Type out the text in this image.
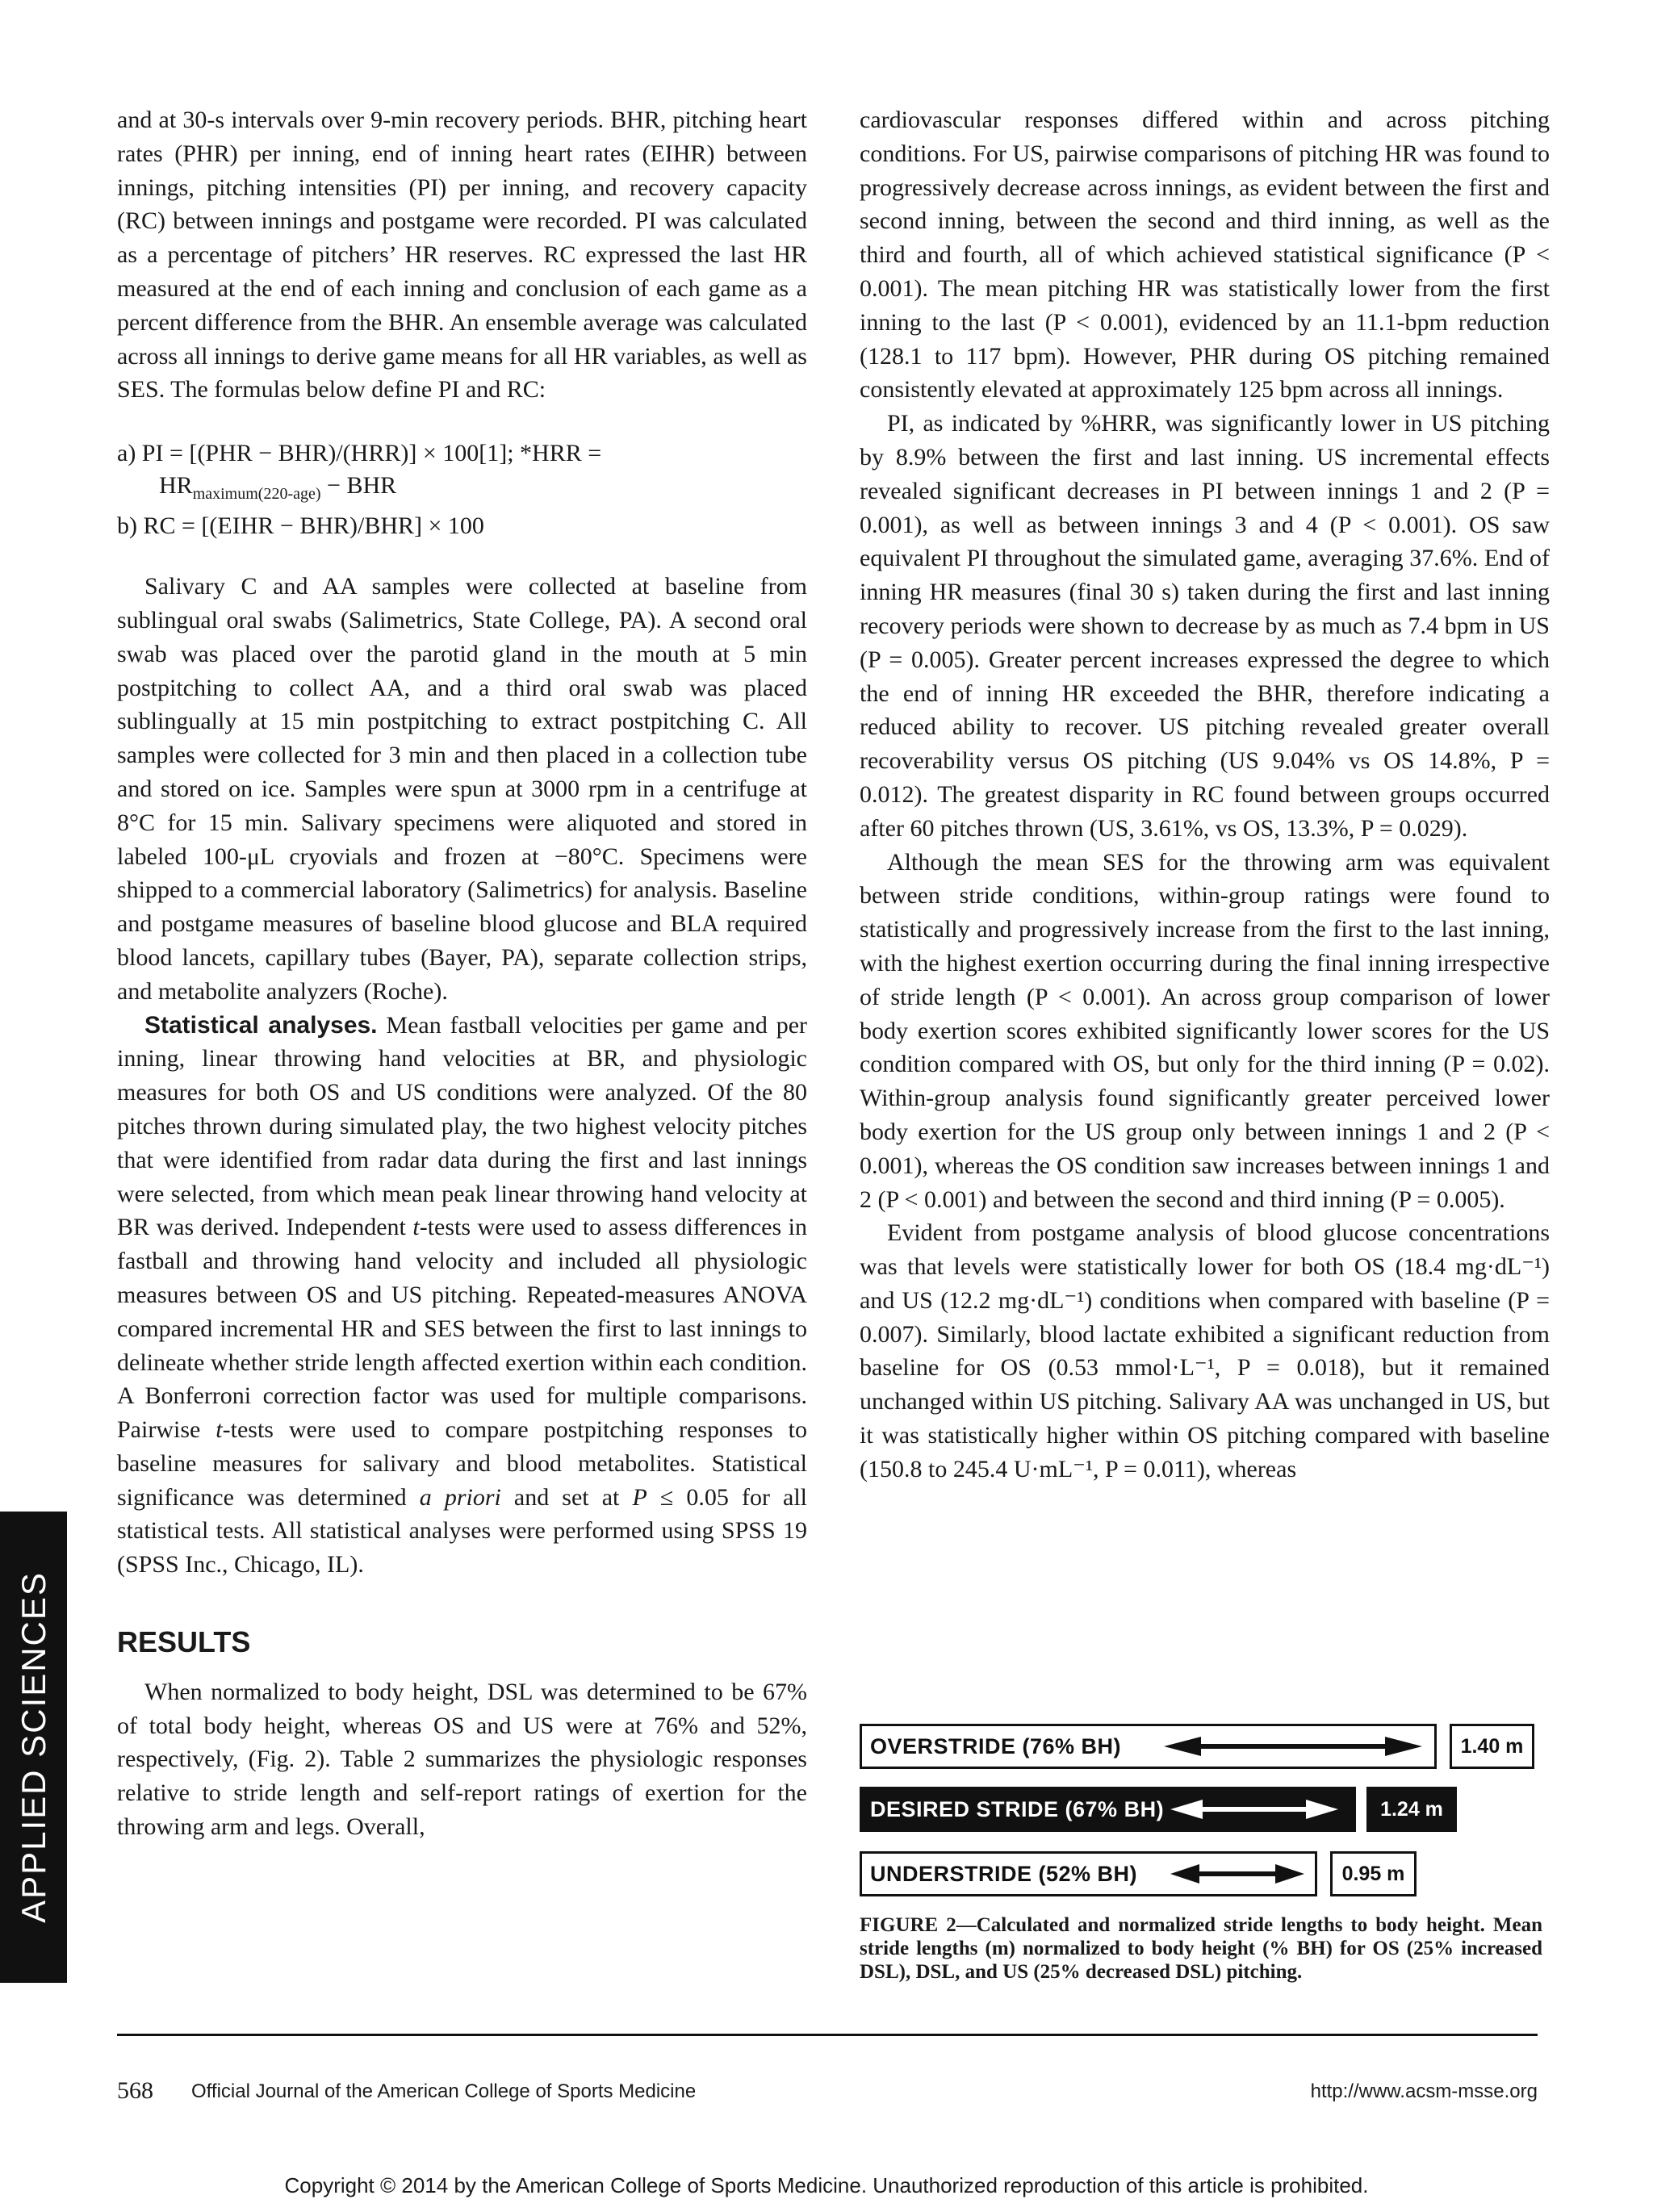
and at 30-s intervals over 9-min recovery periods. BHR, pitching heart rates (PHR) per inning, end of inning heart rates (EIHR) between innings, pitching intensities (PI) per inning, and recovery capacity (RC) between innings and postgame were recorded. PI was calculated as a percentage of pitchers’ HR reserves. RC expressed the last HR measured at the end of each inning and conclusion of each game as a percent difference from the BHR. An ensemble average was calculated across all innings to derive game means for all HR variables, as well as SES. The formulas below define PI and RC:

a) PI = [(PHR − BHR)/(HRR)] × 100[1]; *HRR =
$HR_{maximum(220-age)}$ − BHR
b) RC = [(EIHR − BHR)/BHR] × 100

Salivary C and AA samples were collected at baseline from sublingual oral swabs (Salimetrics, State College, PA). A second oral swab was placed over the parotid gland in the mouth at 5 min postpitching to collect AA, and a third oral swab was placed sublingually at 15 min postpitching to extract postpitching C. All samples were collected for 3 min and then placed in a collection tube and stored on ice. Samples were spun at 3000 rpm in a centrifuge at 8°C for 15 min. Salivary specimens were aliquoted and stored in labeled 100-μL cryovials and frozen at −80°C. Specimens were shipped to a commercial laboratory (Salimetrics) for analysis. Baseline and postgame measures of baseline blood glucose and BLA required blood lancets, capillary tubes (Bayer, PA), separate collection strips, and metabolite analyzers (Roche).

Statistical analyses. Mean fastball velocities per game and per inning, linear throwing hand velocities at BR, and physiologic measures for both OS and US conditions were analyzed. Of the 80 pitches thrown during simulated play, the two highest velocity pitches that were identified from radar data during the first and last innings were selected, from which mean peak linear throwing hand velocity at BR was derived. Independent t-tests were used to assess differences in fastball and throwing hand velocity and included all physiologic measures between OS and US pitching. Repeated-measures ANOVA compared incremental HR and SES between the first to last innings to delineate whether stride length affected exertion within each condition. A Bonferroni correction factor was used for multiple comparisons. Pairwise t-tests were used to compare postpitching responses to baseline measures for salivary and blood metabolites. Statistical significance was determined a priori and set at P ≤ 0.05 for all statistical tests. All statistical analyses were performed using SPSS 19 (SPSS Inc., Chicago, IL).

RESULTS

When normalized to body height, DSL was determined to be 67% of total body height, whereas OS and US were at 76% and 52%, respectively, (Fig. 2). Table 2 summarizes the physiologic responses relative to stride length and self-report ratings of exertion for the throwing arm and legs. Overall,

cardiovascular responses differed within and across pitching conditions. For US, pairwise comparisons of pitching HR was found to progressively decrease across innings, as evident between the first and second inning, between the second and third inning, as well as the third and fourth, all of which achieved statistical significance (P < 0.001). The mean pitching HR was statistically lower from the first inning to the last (P < 0.001), evidenced by an 11.1-bpm reduction (128.1 to 117 bpm). However, PHR during OS pitching remained consistently elevated at approximately 125 bpm across all innings.

PI, as indicated by %HRR, was significantly lower in US pitching by 8.9% between the first and last inning. US incremental effects revealed significant decreases in PI between innings 1 and 2 (P = 0.001), as well as between innings 3 and 4 (P < 0.001). OS saw equivalent PI throughout the simulated game, averaging 37.6%. End of inning HR measures (final 30 s) taken during the first and last inning recovery periods were shown to decrease by as much as 7.4 bpm in US (P = 0.005). Greater percent increases expressed the degree to which the end of inning HR exceeded the BHR, therefore indicating a reduced ability to recover. US pitching revealed greater overall recoverability versus OS pitching (US 9.04% vs OS 14.8%, P = 0.012). The greatest disparity in RC found between groups occurred after 60 pitches thrown (US, 3.61%, vs OS, 13.3%, P = 0.029).

Although the mean SES for the throwing arm was equivalent between stride conditions, within-group ratings were found to statistically and progressively increase from the first to the last inning, with the highest exertion occurring during the final inning irrespective of stride length (P < 0.001). An across group comparison of lower body exertion scores exhibited significantly lower scores for the US condition compared with OS, but only for the third inning (P = 0.02). Within-group analysis found significantly greater perceived lower body exertion for the US group only between innings 1 and 2 (P < 0.001), whereas the OS condition saw increases between innings 1 and 2 (P < 0.001) and between the second and third inning (P = 0.005).

Evident from postgame analysis of blood glucose concentrations was that levels were statistically lower for both OS (18.4 mg·dL⁻¹) and US (12.2 mg·dL⁻¹) conditions when compared with baseline (P = 0.007). Similarly, blood lactate exhibited a significant reduction from baseline for OS (0.53 mmol·L⁻¹, P = 0.018), but it remained unchanged within US pitching. Salivary AA was unchanged in US, but it was statistically higher within OS pitching compared with baseline (150.8 to 245.4 U·mL⁻¹, P = 0.011), whereas

OVERSTRIDE (76% BH)	1.40 m
DESIRED STRIDE (67% BH)	1.24 m
UNDERSTRIDE (52% BH)	0.95 m
FIGURE 2—Calculated and normalized stride lengths to body height. Mean stride lengths (m) normalized to body height (% BH) for OS (25% increased DSL), DSL, and US (25% decreased DSL) pitching.
568 Official Journal of the American College of Sports Medicine	http://www.acsm-msse.org
Copyright © 2014 by the American College of Sports Medicine. Unauthorized reproduction of this article is prohibited.
APPLIED SCIENCES
